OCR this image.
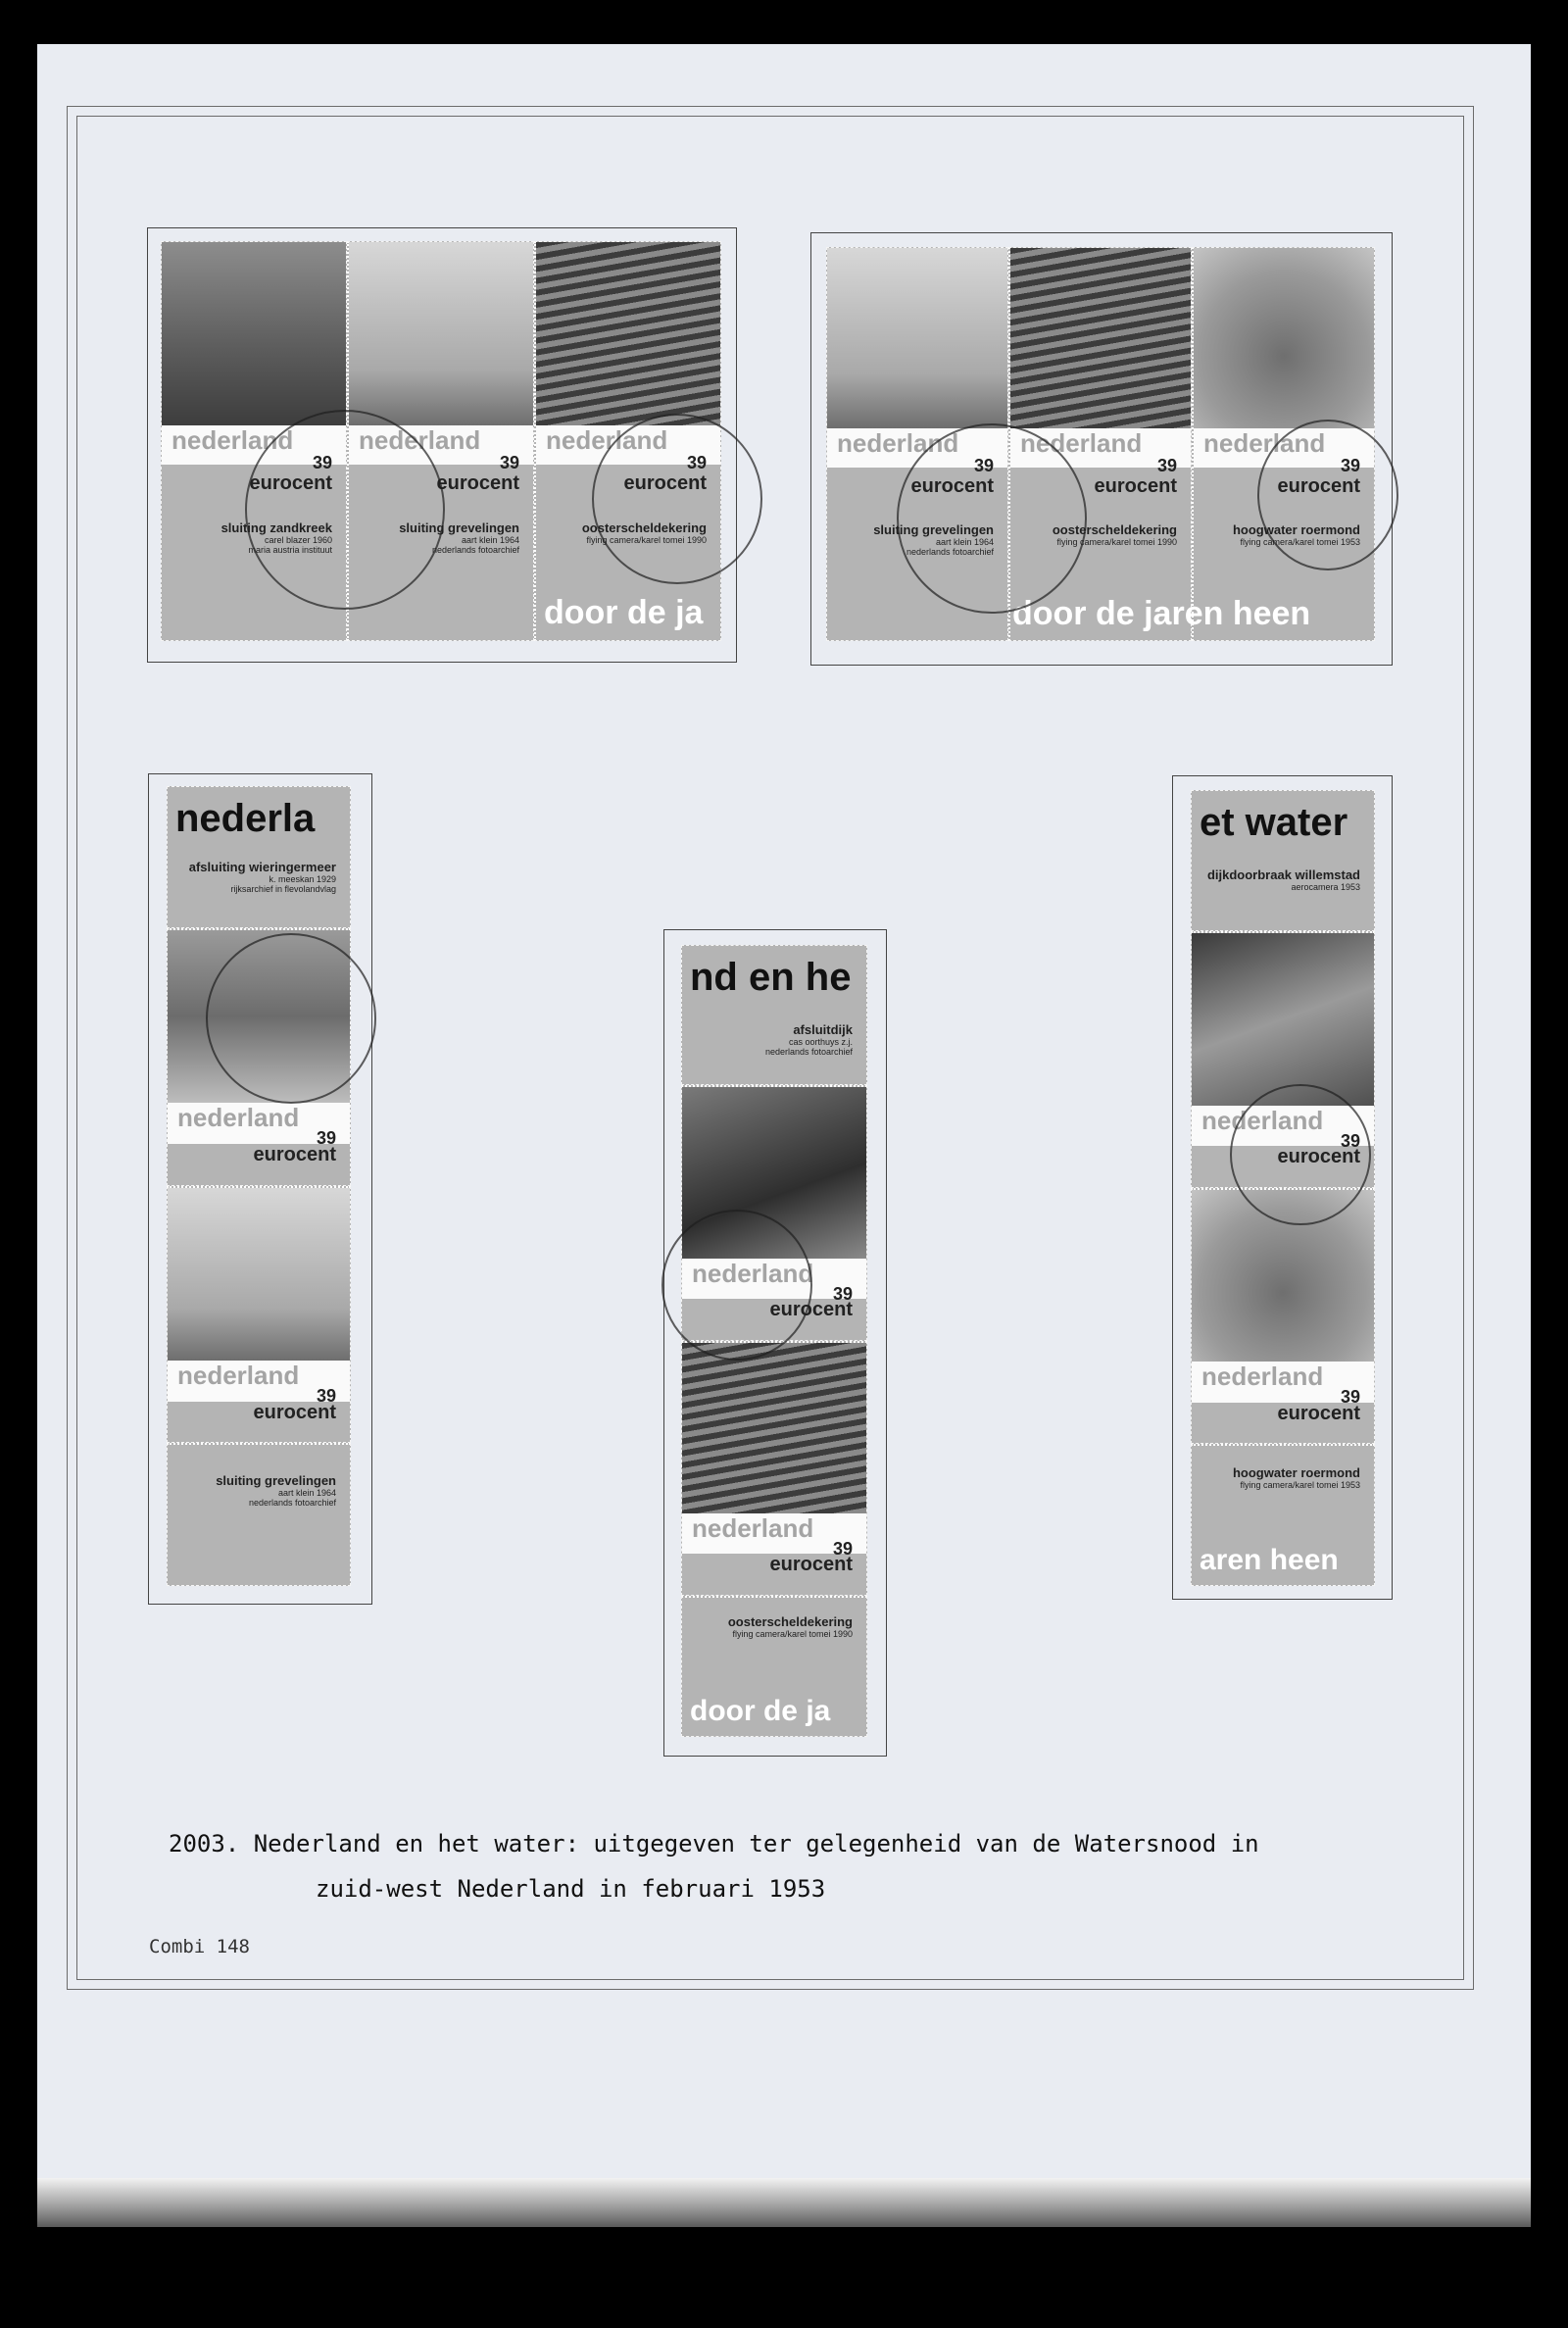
nederland
39
eurocent
sluiting zandkreek
carel blazer 1960
maria austria instituut
nederland
39
eurocent
sluiting grevelingen
aart klein 1964
nederlands fotoarchief
nederland
39
eurocent
oosterscheldekering
flying camera/karel tomei 1990
door de ja
nederland
39
eurocent
sluiting grevelingen
aart klein 1964
nederlands fotoarchief
nederland
39
eurocent
oosterscheldekering
flying camera/karel tomei 1990
nederland
39
eurocent
hoogwater roermond
flying camera/karel tomei 1953
door de jaren heen
nederla
afsluiting wieringermeer
k. meeskan 1929
rijksarchief in flevolandvlag
nederland
39
eurocent
nederland
39
eurocent
sluiting grevelingen
aart klein 1964
nederlands fotoarchief
nd en he
afsluitdijk
cas oorthuys z.j.
nederlands fotoarchief
nederland
39
eurocent
nederland
39
eurocent
oosterscheldekering
flying camera/karel tomei 1990
door de ja
et water
dijkdoorbraak willemstad
aerocamera 1953
nederland
39
eurocent
nederland
39
eurocent
hoogwater roermond
flying camera/karel tomei 1953
aren heen
2003. Nederland en het water: uitgegeven ter gelegenheid van de Watersnood in
zuid-west Nederland in februari 1953
Combi 148
